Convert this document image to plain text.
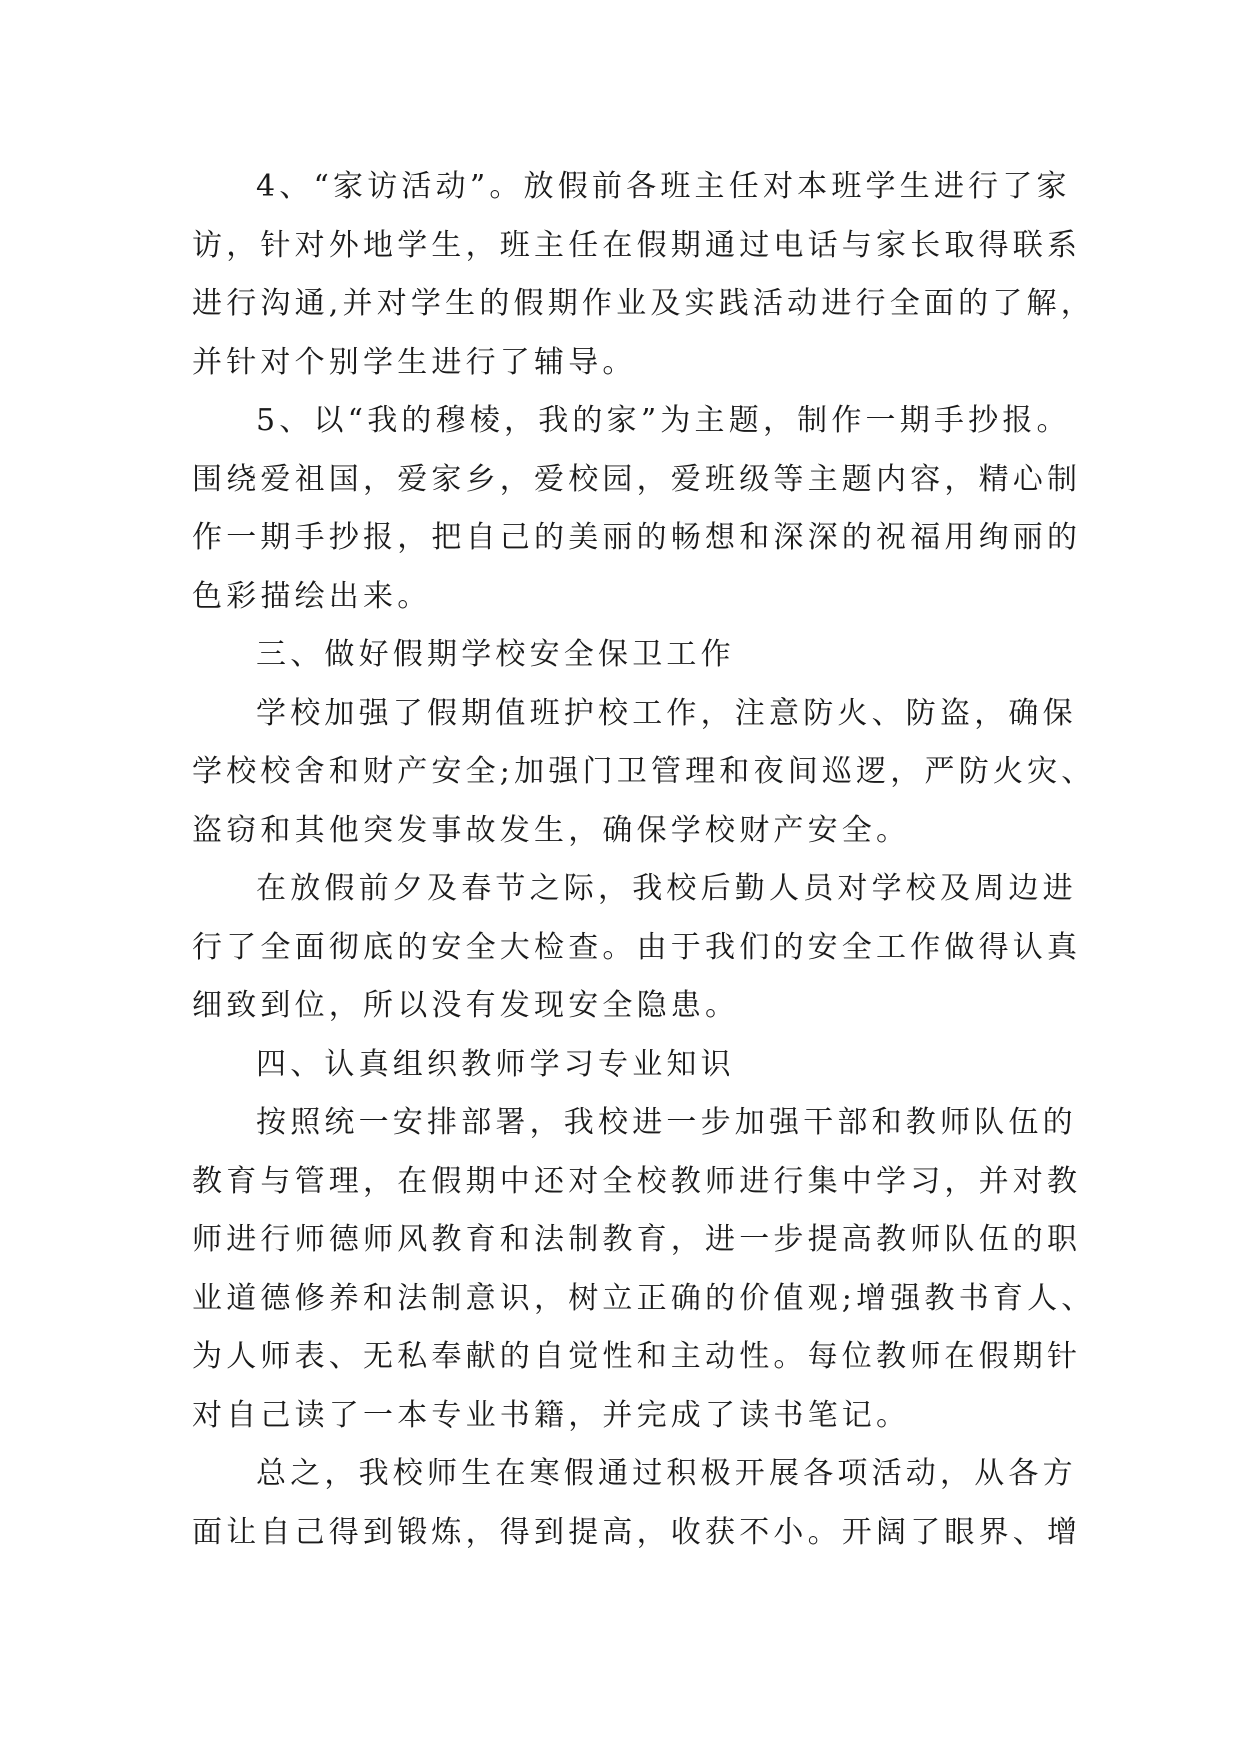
4、“家访活动”。放假前各班主任对本班学生进行了家
访，针对外地学生，班主任在假期通过电话与家长取得联系
进行沟通,并对学生的假期作业及实践活动进行全面的了解，
并针对个别学生进行了辅导。
5、以“我的穆棱，我的家”为主题，制作一期手抄报。
围绕爱祖国，爱家乡，爱校园，爱班级等主题内容，精心制
作一期手抄报，把自己的美丽的畅想和深深的祝福用绚丽的
色彩描绘出来。
三、做好假期学校安全保卫工作
学校加强了假期值班护校工作，注意防火、防盗，确保
学校校舍和财产安全;加强门卫管理和夜间巡逻，严防火灾、
盗窃和其他突发事故发生，确保学校财产安全。
在放假前夕及春节之际，我校后勤人员对学校及周边进
行了全面彻底的安全大检查。由于我们的安全工作做得认真
细致到位，所以没有发现安全隐患。
四、认真组织教师学习专业知识
按照统一安排部署，我校进一步加强干部和教师队伍的
教育与管理，在假期中还对全校教师进行集中学习，并对教
师进行师德师风教育和法制教育，进一步提高教师队伍的职
业道德修养和法制意识，树立正确的价值观;增强教书育人、
为人师表、无私奉献的自觉性和主动性。每位教师在假期针
对自己读了一本专业书籍，并完成了读书笔记。
总之，我校师生在寒假通过积极开展各项活动，从各方
面让自己得到锻炼，得到提高，收获不小。开阔了眼界、增
